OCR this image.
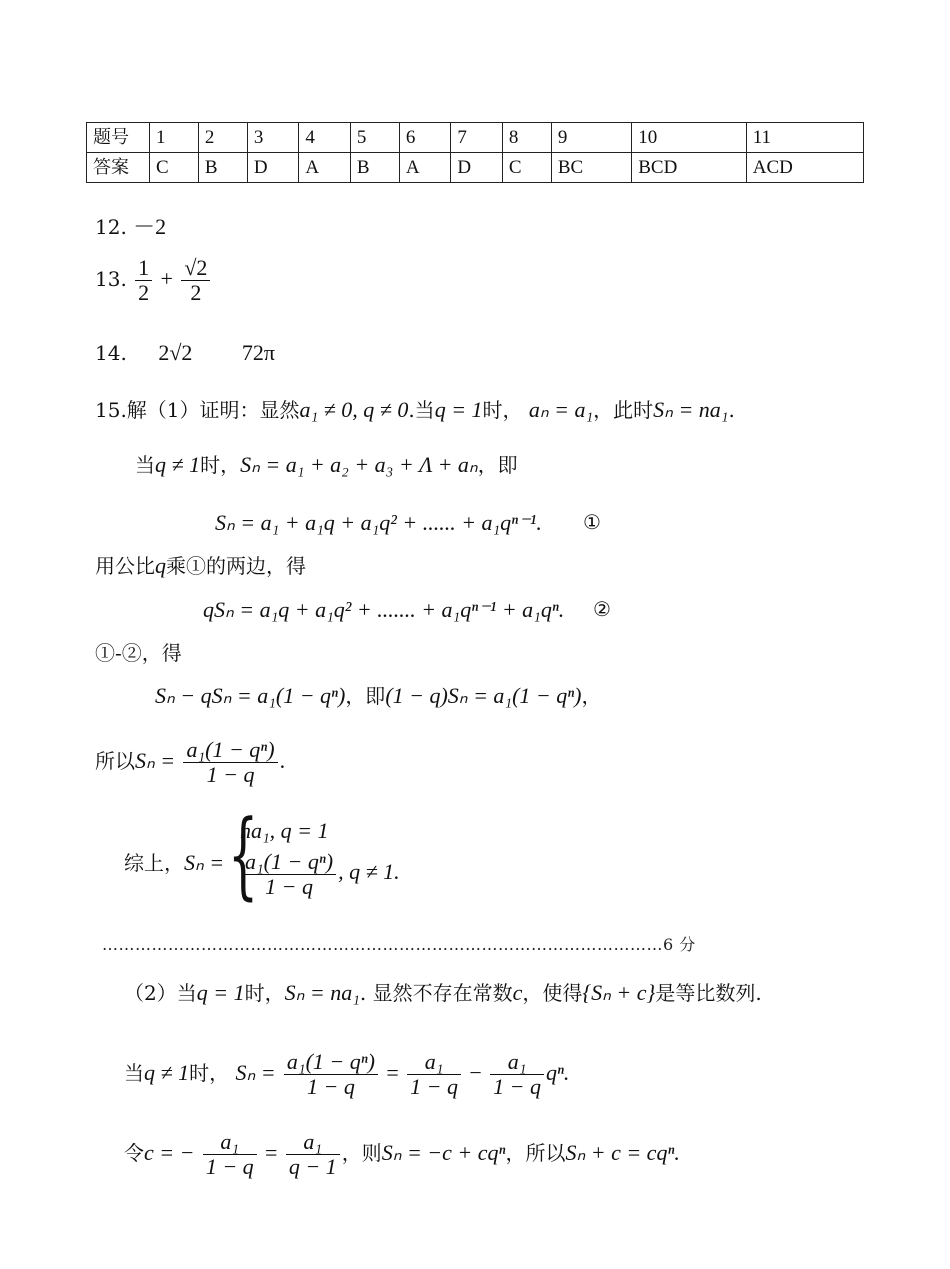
题号	1	2	3	4	5	6	7	8	9	10	11
答案	C	B	D	A	B	A	D	C	BC	BCD	ACD
12. －2
13. $\frac{1}{2} + \frac{√2}{2}$
14. 2√2 72π
15.解（1）证明：显然a₁ ≠ 0, q ≠ 0.当q = 1时， aₙ = a₁，此时Sₙ = na₁.
当q ≠ 1时，Sₙ = a₁ + a₂ + a₃ + Λ + aₙ，即
Sₙ = a₁ + a₁q + a₁q² + ...... + a₁qⁿ⁻¹. ①
用公比q乘①的两边，得
qSₙ = a₁q + a₁q² + ....... + a₁qⁿ⁻¹ + a₁qⁿ. ②
①-②，得
Sₙ − qSₙ = a₁(1 − qⁿ)，即(1 − q)Sₙ = a₁(1 − qⁿ)，
所以$S_n = \frac{\text{a₁(1 − qⁿ)}}{1 - q}$ .
综上，Sₙ = {
na₁, q = 1
$\frac{\text{a₁(1 − qⁿ)}}{1 - q}$ , q ≠ 1.
…………………………………………………………………………………………6 分
（2）当q = 1时，Sₙ = na₁. 显然不存在常数c，使得{Sₙ + c}是等比数列.
当q ≠ 1时， $S_n = \frac{\text{a₁(1 − qⁿ)}}{1 - q} = \frac{\text{a₁}}{1 - q} - \frac{\text{a₁}}{1 - q} q^n$.
令c = − $\frac{\text{a₁}}{1 - q} = \frac{\text{a₁}}{q - 1}$ ，则Sₙ = −c + cqⁿ，所以Sₙ + c = cqⁿ.
